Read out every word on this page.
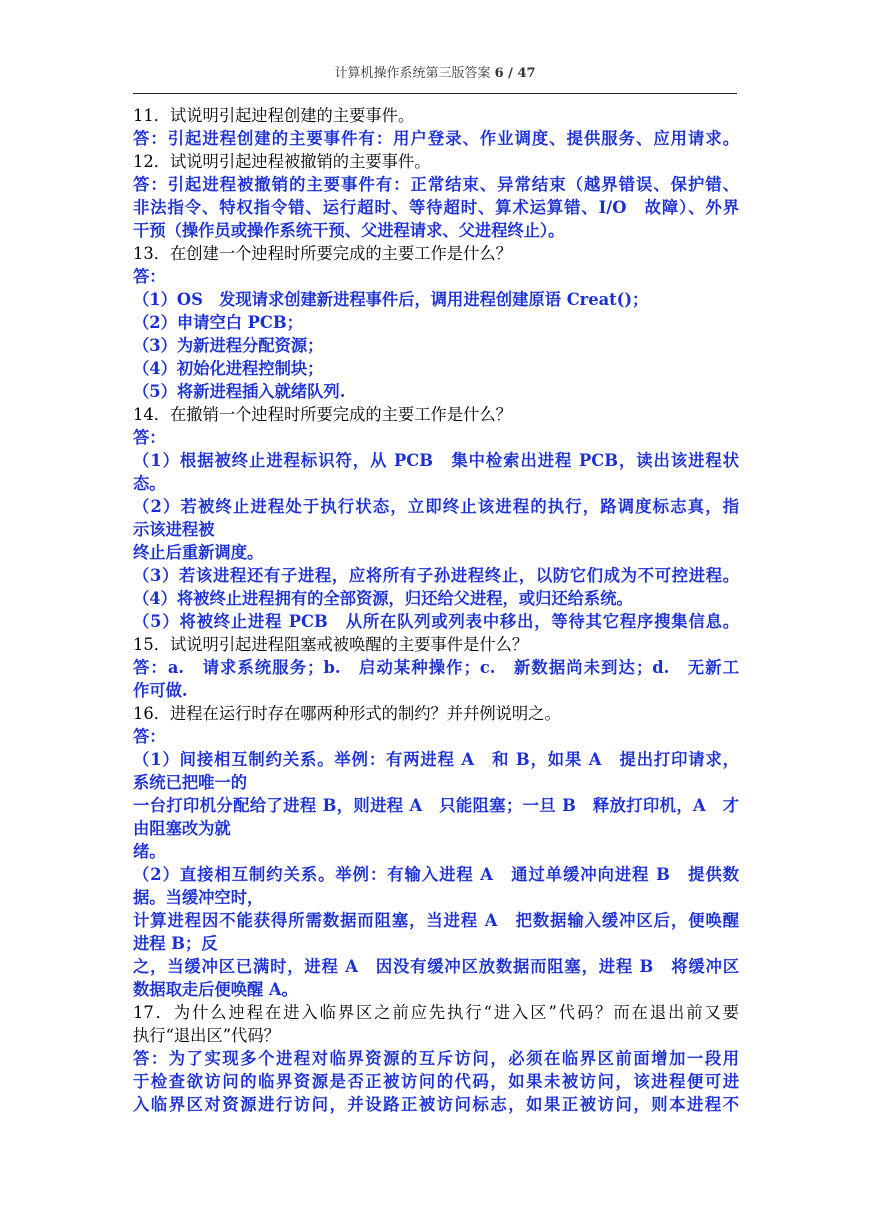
计算机操作系统第三版答案 6 / 47
11．试说明引起迚程创建的主要事件。
答：引起进程创建的主要事件有：用户登录、作业调度、提供服务、应用请求。
12．试说明引起迚程被撤销的主要事件。
答：引起进程被撤销的主要事件有：正常结束、异常结束（越界错误、保护错、
非法指令、特权指令错、运行超时、等待超时、算术运算错、I/O　故障）、外界
干预（操作员或操作系统干预、父进程请求、父进程终止）。
13．在创建一个迚程时所要完成的主要工作是什么？
答：
（1）OS　发现请求创建新进程事件后，调用进程创建原语 Creat()；
（2）申请空白 PCB；
（3）为新进程分配资源；
（4）初始化进程控制块；
（5）将新进程插入就绪队列.
14．在撤销一个迚程时所要完成的主要工作是什么？
答：
（1）根据被终止进程标识符，从 PCB　集中检索出进程 PCB，读出该进程状
态。
（2）若被终止进程处于执行状态，立即终止该进程的执行，路调度标志真，指
示该进程被
终止后重新调度。
（3）若该进程还有子进程，应将所有子孙进程终止，以防它们成为不可控进程。
（4）将被终止进程拥有的全部资源，归还给父进程，或归还给系统。
（5）将被终止进程 PCB　从所在队列或列表中移出，等待其它程序搜集信息。
15．试说明引起进程阻塞戒被唤醒的主要事件是什么？
答：a.　请求系统服务；b.　启动某种操作；c.　新数据尚未到达；d.　无新工
作可做.
16．进程在运行时存在哪两种形式的制约？并幷例说明之。
答：
（1）间接相互制约关系。举例：有两进程 A　和 B，如果 A　提出打印请求，
系统已把唯一的
一台打印机分配给了进程 B，则进程 A　只能阻塞；一旦 B　释放打印机，A　才
由阻塞改为就
绪。
（2）直接相互制约关系。举例：有输入进程 A　通过单缓冲向进程 B　提供数
据。当缓冲空时，
计算进程因不能获得所需数据而阻塞，当进程 A　把数据输入缓冲区后，便唤醒
进程 B；反
之，当缓冲区已满时，进程 A　因没有缓冲区放数据而阻塞，进程 B　将缓冲区
数据取走后便唤醒 A。
17．为什么迚程在进入临界区之前应先执行“进入区”代码？而在退出前又要
执行“退出区”代码？
答：为了实现多个进程对临界资源的互斥访问，必须在临界区前面增加一段用
于检查欲访问的临界资源是否正被访问的代码，如果未被访问，该进程便可进
入临界区对资源进行访问，并设路正被访问标志，如果正被访问，则本进程不
